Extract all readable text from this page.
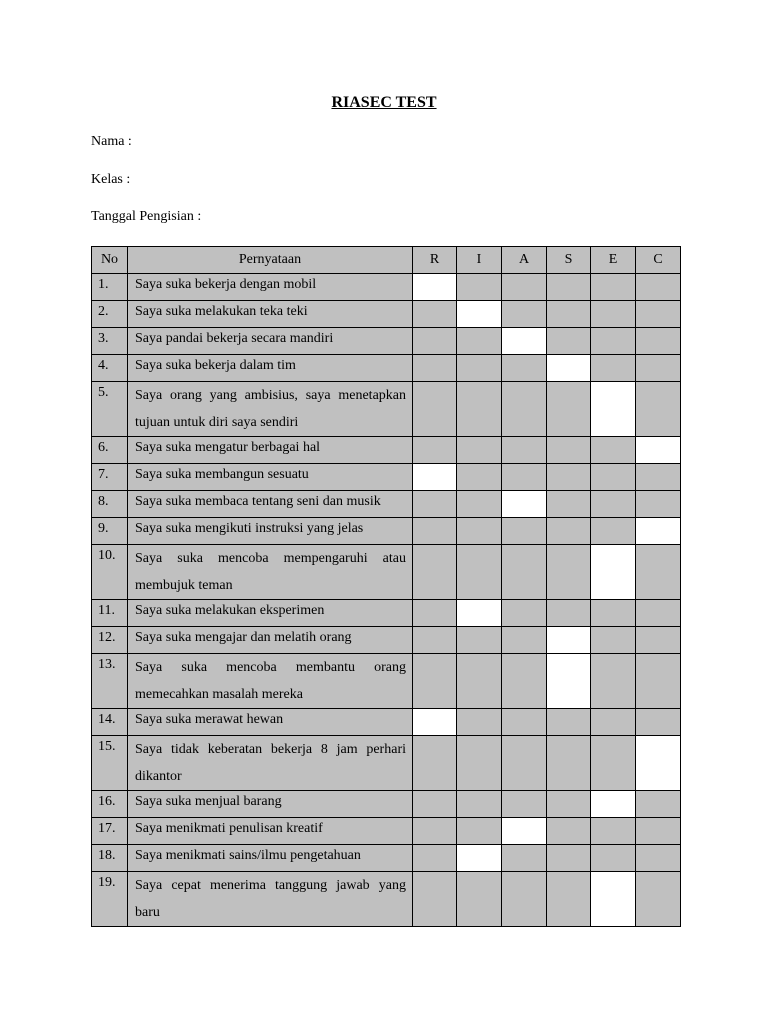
RIASEC TEST
Nama :
Kelas :
Tanggal Pengisian :
No	Pernyataan	R	I	A	S	E	C
1.	Saya suka bekerja dengan mobil						
2.	Saya suka melakukan teka teki						
3.	Saya pandai bekerja secara mandiri						
4.	Saya suka bekerja dalam tim						
5.	Saya orang yang ambisius, saya menetapkan tujuan untuk diri saya sendiri						
6.	Saya suka mengatur berbagai hal						
7.	Saya suka membangun sesuatu						
8.	Saya suka membaca tentang seni dan musik						
9.	Saya suka mengikuti instruksi yang jelas						
10.	Saya suka mencoba mempengaruhi atau membujuk teman						
11.	Saya suka melakukan eksperimen						
12.	Saya suka mengajar dan melatih orang						
13.	Saya suka mencoba membantu orang memecahkan masalah mereka						
14.	Saya suka merawat hewan						
15.	Saya tidak keberatan bekerja 8 jam perhari dikantor						
16.	Saya suka menjual barang						
17.	Saya menikmati penulisan kreatif						
18.	Saya menikmati sains/ilmu pengetahuan						
19.	Saya cepat menerima tanggung jawab yang baru						
